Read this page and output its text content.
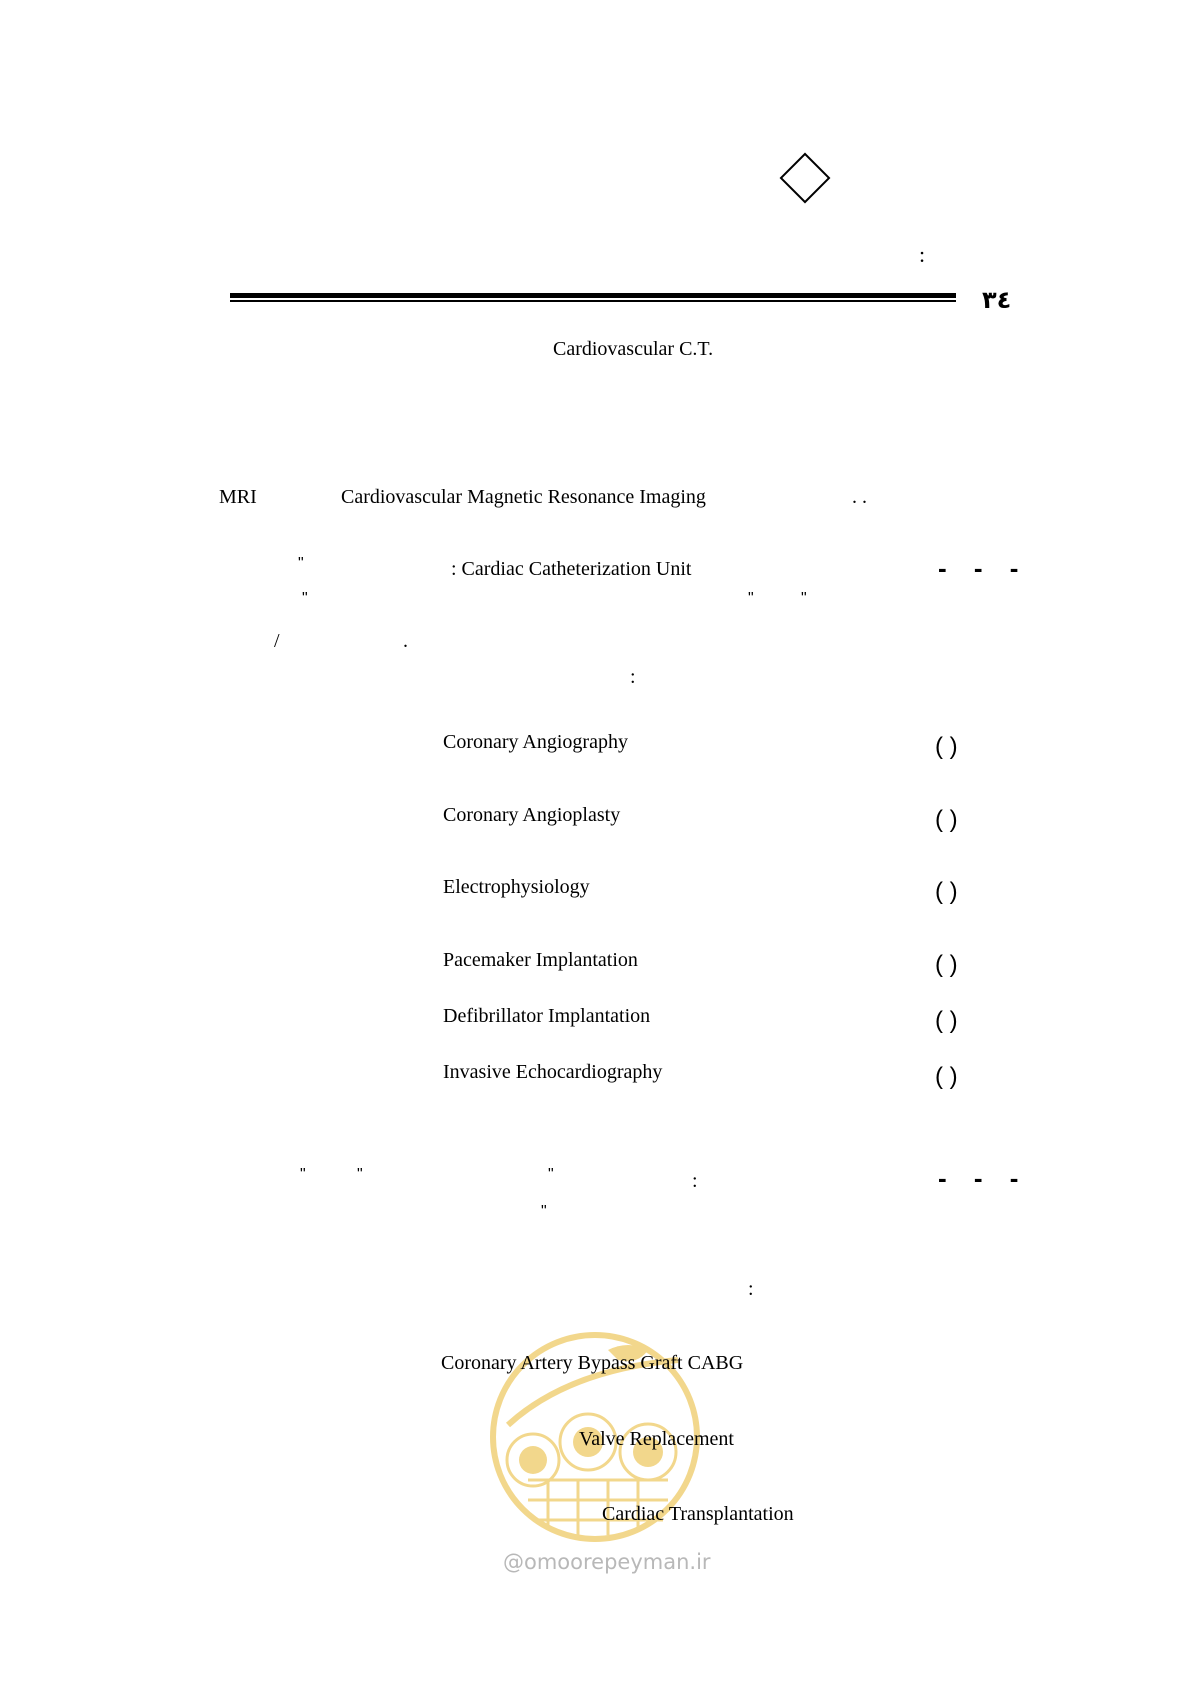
:
٣٤
Cardiovascular C.T.
MRI	Cardiovascular Magnetic Resonance Imaging	. .
- - -
"	: Cardiac Catheterization Unit
"	"	"
/	.
:
Coronary Angiography	( )
Coronary Angioplasty	( )
Electrophysiology	( )
Pacemaker Implantation	( )
Defibrillator Implantation	( )
Invasive Echocardiography	( )
- - -
"	"	"	:
"
:
Coronary Artery Bypass Graft CABG
Valve Replacement
Cardiac Transplantation
@omoorepeyman.ir
